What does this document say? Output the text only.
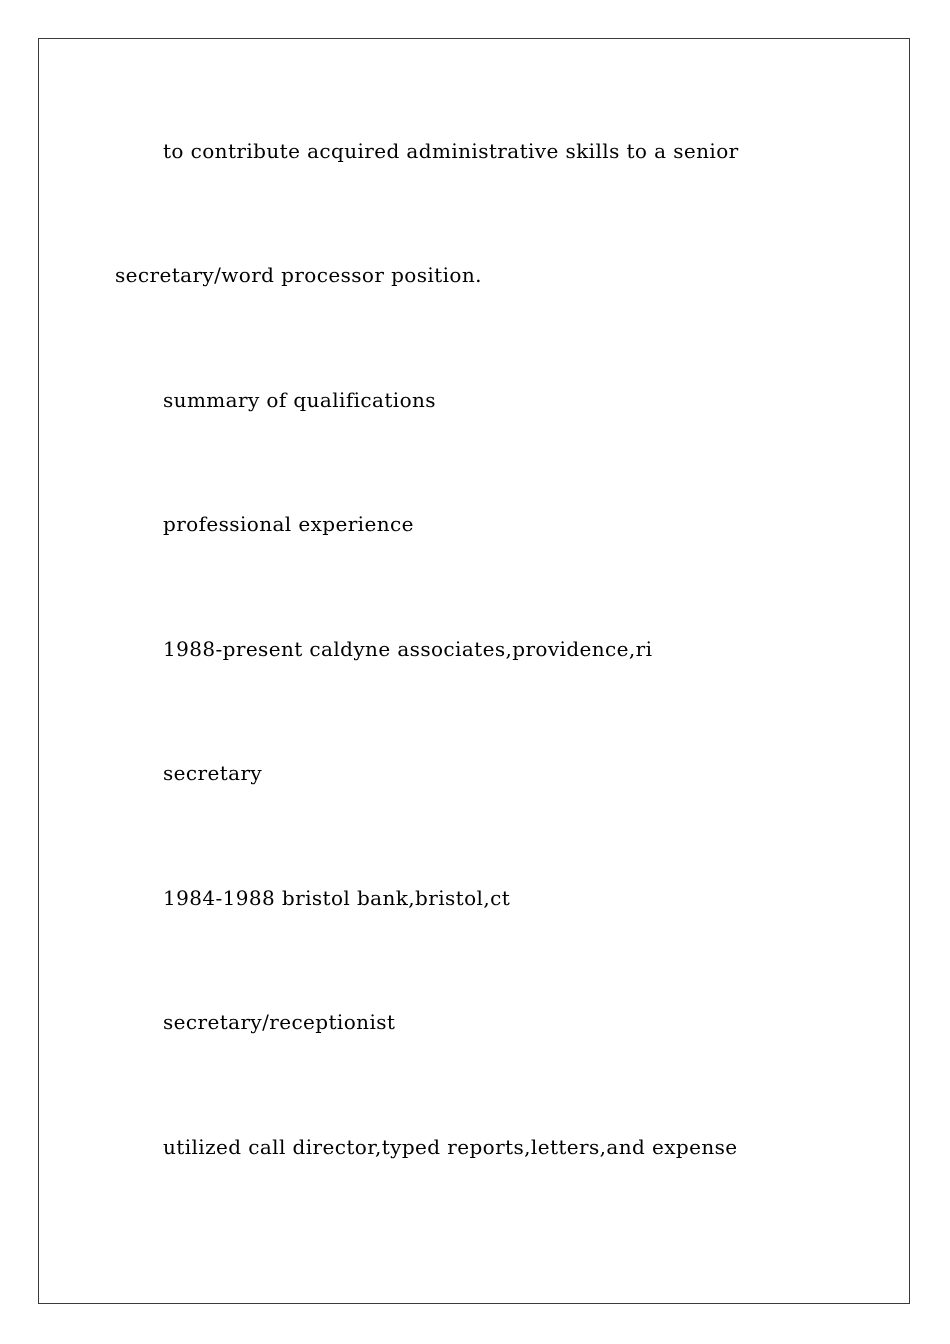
to contribute acquired administrative skills to a senior
secretary/word processor position.
summary of qualifications
professional experience
1988-present caldyne associates,providence,ri
secretary
1984-1988 bristol bank,bristol,ct
secretary/receptionist
utilized call director,typed reports,letters,and expense
